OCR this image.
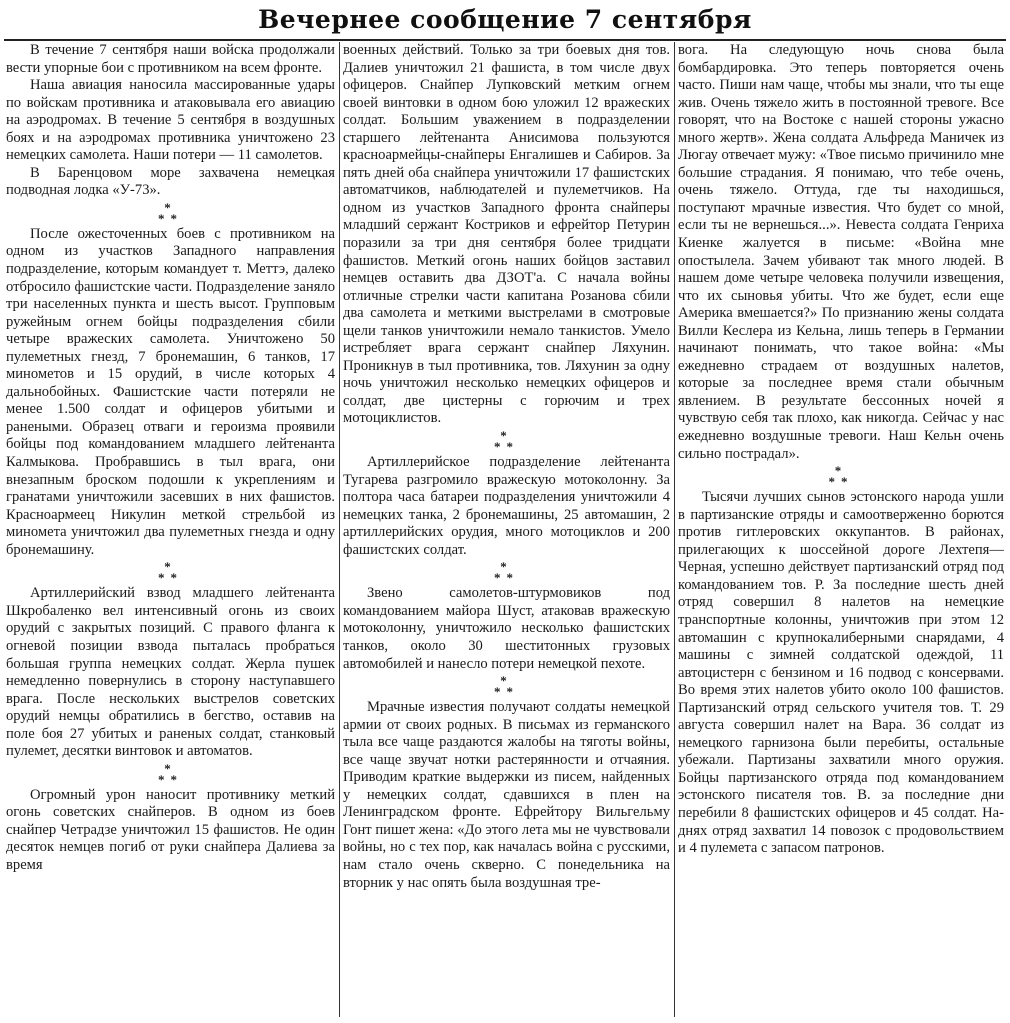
Вечернее сообщение 7 сентября

В течение 7 сентября наши войска продолжали вести упорные бои с противником на всем фронте.

Наша авиация наносила массированные удары по войскам противника и атаковывала его авиацию на аэродромах. В течение 5 сентября в воздушных боях и на аэродромах противника уничтожено 23 немецких самолета. Наши потери — 11 самолетов.

В Баренцовом море захвачена немецкая подводная лодка «У-73».

*
**

После ожесточенных боев с противником на одном из участков Западного направления подразделение, которым командует т. Меттэ, далеко отбросило фашистские части. Подразделение заняло три населенных пункта и шесть высот. Групповым ружейным огнем бойцы подразделения сбили четыре вражеских самолета. Уничтожено 50 пулеметных гнезд, 7 бронемашин, 6 танков, 17 минометов и 15 орудий, в числе которых 4 дальнобойных. Фашистские части потеряли не менее 1.500 солдат и офицеров убитыми и ранеными. Образец отваги и героизма проявили бойцы под командованием младшего лейтенанта Калмыкова. Пробравшись в тыл врага, они внезапным броском подошли к укреплениям и гранатами уничтожили засевших в них фашистов. Красноармеец Никулин меткой стрельбой из миномета уничтожил два пулеметных гнезда и одну бронемашину.

*
**

Артиллерийский взвод младшего лейтенанта Шкробаленко вел интенсивный огонь из своих орудий с закрытых позиций. С правого фланга к огневой позиции взвода пыталась пробраться большая группа немецких солдат. Жерла пушек немедленно повернулись в сторону наступавшего врага. После нескольких выстрелов советских орудий немцы обратились в бегство, оставив на поле боя 27 убитых и раненых солдат, станковый пулемет, десятки винтовок и автоматов.

*
**

Огромный урон наносит противнику меткий огонь советских снайперов. В одном из боев снайпер Четрадзе уничтожил 15 фашистов. Не один десяток немцев погиб от руки снайпера Далиева за время

военных действий. Только за три боевых дня тов. Далиев уничтожил 21 фашиста, в том числе двух офицеров. Снайпер Лупковский метким огнем своей винтовки в одном бою уложил 12 вражеских солдат. Большим уважением в подразделении старшего лейтенанта Анисимова пользуются красноармейцы-снайперы Енгалишев и Сабиров. За пять дней оба снайпера уничтожили 17 фашистских автоматчиков, наблюдателей и пулеметчиков. На одном из участков Западного фронта снайперы младший сержант Костриков и ефрейтор Петурин поразили за три дня сентября более тридцати фашистов. Меткий огонь наших бойцов заставил немцев оставить два ДЗОТ'а. С начала войны отличные стрелки части капитана Розанова сбили два самолета и меткими выстрелами в смотровые щели танков уничтожили немало танкистов. Умело истребляет врага сержант снайпер Ляхунин. Проникнув в тыл противника, тов. Ляхунин за одну ночь уничтожил несколько немецких офицеров и солдат, две цистерны с горючим и трех мотоциклистов.

*
**

Артиллерийское подразделение лейтенанта Тугарева разгромило вражескую мотоколонну. За полтора часа батареи подразделения уничтожили 4 немецких танка, 2 бронемашины, 25 автомашин, 2 артиллерийских орудия, много мотоциклов и 200 фашистских солдат.

*
**

Звено самолетов-штурмовиков под командованием майора Шуст, атаковав вражескую мотоколонну, уничтожило несколько фашистских танков, около 30 шеститонных грузовых автомобилей и нанесло потери немецкой пехоте.

*
**

Мрачные известия получают солдаты немецкой армии от своих родных. В письмах из германского тыла все чаще раздаются жалобы на тяготы войны, все чаще звучат нотки растерянности и отчаяния. Приводим краткие выдержки из писем, найденных у немецких солдат, сдавшихся в плен на Ленинградском фронте. Ефрейтору Вильгельму Гонт пишет жена: «До этого лета мы не чувствовали войны, но с тех пор, как началась война с русскими, нам стало очень скверно. С понедельника на вторник у нас опять была воздушная тре-

вога. На следующую ночь снова была бомбардировка. Это теперь повторяется очень часто. Пиши нам чаще, чтобы мы знали, что ты еще жив. Очень тяжело жить в постоянной тревоге. Все говорят, что на Востоке с нашей стороны ужасно много жертв». Жена солдата Альфреда Маничек из Люгау отвечает мужу: «Твое письмо причинило мне большие страдания. Я понимаю, что тебе очень, очень тяжело. Оттуда, где ты находишься, поступают мрачные известия. Что будет со мной, если ты не вернешься...». Невеста солдата Генриха Киенке жалуется в письме: «Война мне опостылела. Зачем убивают так много людей. В нашем доме четыре человека получили извещения, что их сыновья убиты. Что же будет, если еще Америка вмешается?» По признанию жены солдата Вилли Кеслера из Кельна, лишь теперь в Германии начинают понимать, что такое война: «Мы ежедневно страдаем от воздушных налетов, которые за последнее время стали обычным явлением. В результате бессонных ночей я чувствую себя так плохо, как никогда. Сейчас у нас ежедневно воздушные тревоги. Наш Кельн очень сильно пострадал».

*
**

Тысячи лучших сынов эстонского народа ушли в партизанские отряды и самоотверженно борются против гитлеровских оккупантов. В районах, прилегающих к шоссейной дороге Лехтепя—Черная, успешно действует партизанский отряд под командованием тов. Р. За последние шесть дней отряд совершил 8 налетов на немецкие транспортные колонны, уничтожив при этом 12 автомашин с крупнокалиберными снарядами, 4 машины с зимней солдатской одеждой, 11 автоцистерн с бензином и 16 подвод с консервами. Во время этих налетов убито около 100 фашистов. Партизанский отряд сельского учителя тов. Т. 29 августа совершил налет на Вара. 36 солдат из немецкого гарнизона были перебиты, остальные убежали. Партизаны захватили много оружия. Бойцы партизанского отряда под командованием эстонского писателя тов. В. за последние дни перебили 8 фашистских офицеров и 45 солдат. На-днях отряд захватил 14 повозок с продовольствием и 4 пулемета с запасом патронов.
